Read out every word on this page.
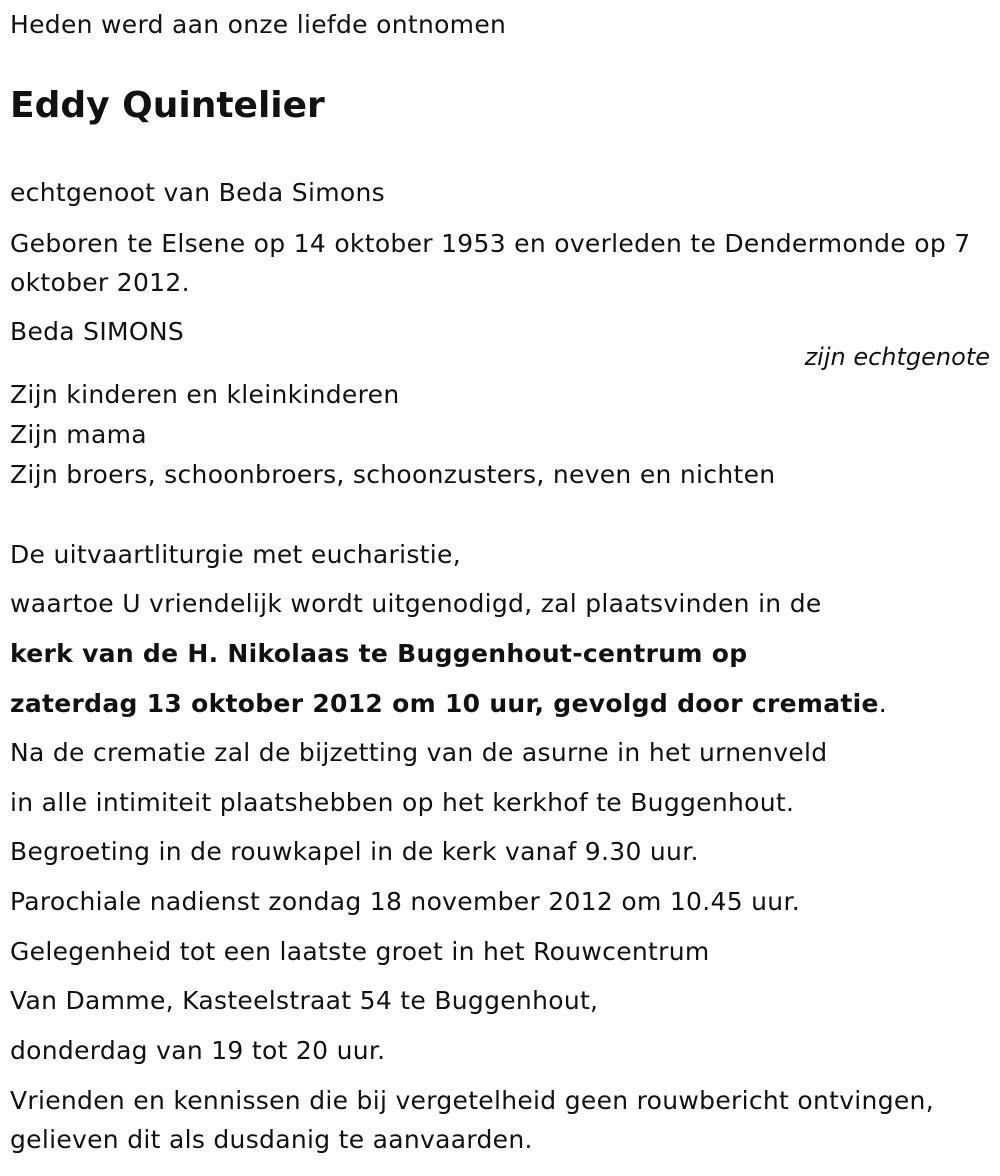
Heden werd aan onze liefde ontnomen
Eddy Quintelier
echtgenoot van Beda Simons
Geboren te Elsene op 14 oktober 1953 en overleden te Dendermonde op 7 oktober 2012.
Beda SIMONS
zijn echtgenote
Zijn kinderen en kleinkinderen
Zijn mama
Zijn broers, schoonbroers, schoonzusters, neven en nichten
De uitvaartliturgie met eucharistie,
waartoe U vriendelijk wordt uitgenodigd, zal plaatsvinden in de
kerk van de H. Nikolaas te Buggenhout-centrum op
zaterdag 13 oktober 2012 om 10 uur, gevolgd door crematie.
Na de crematie zal de bijzetting van de asurne in het urnenveld
in alle intimiteit plaatshebben op het kerkhof te Buggenhout.
Begroeting in de rouwkapel in de kerk vanaf 9.30 uur.
Parochiale nadienst zondag 18 november 2012 om 10.45 uur.
Gelegenheid tot een laatste groet in het Rouwcentrum
Van Damme, Kasteelstraat 54 te Buggenhout,
donderdag van 19 tot 20 uur.
Vrienden en kennissen die bij vergetelheid geen rouwbericht ontvingen, gelieven dit als dusdanig te aanvaarden.
